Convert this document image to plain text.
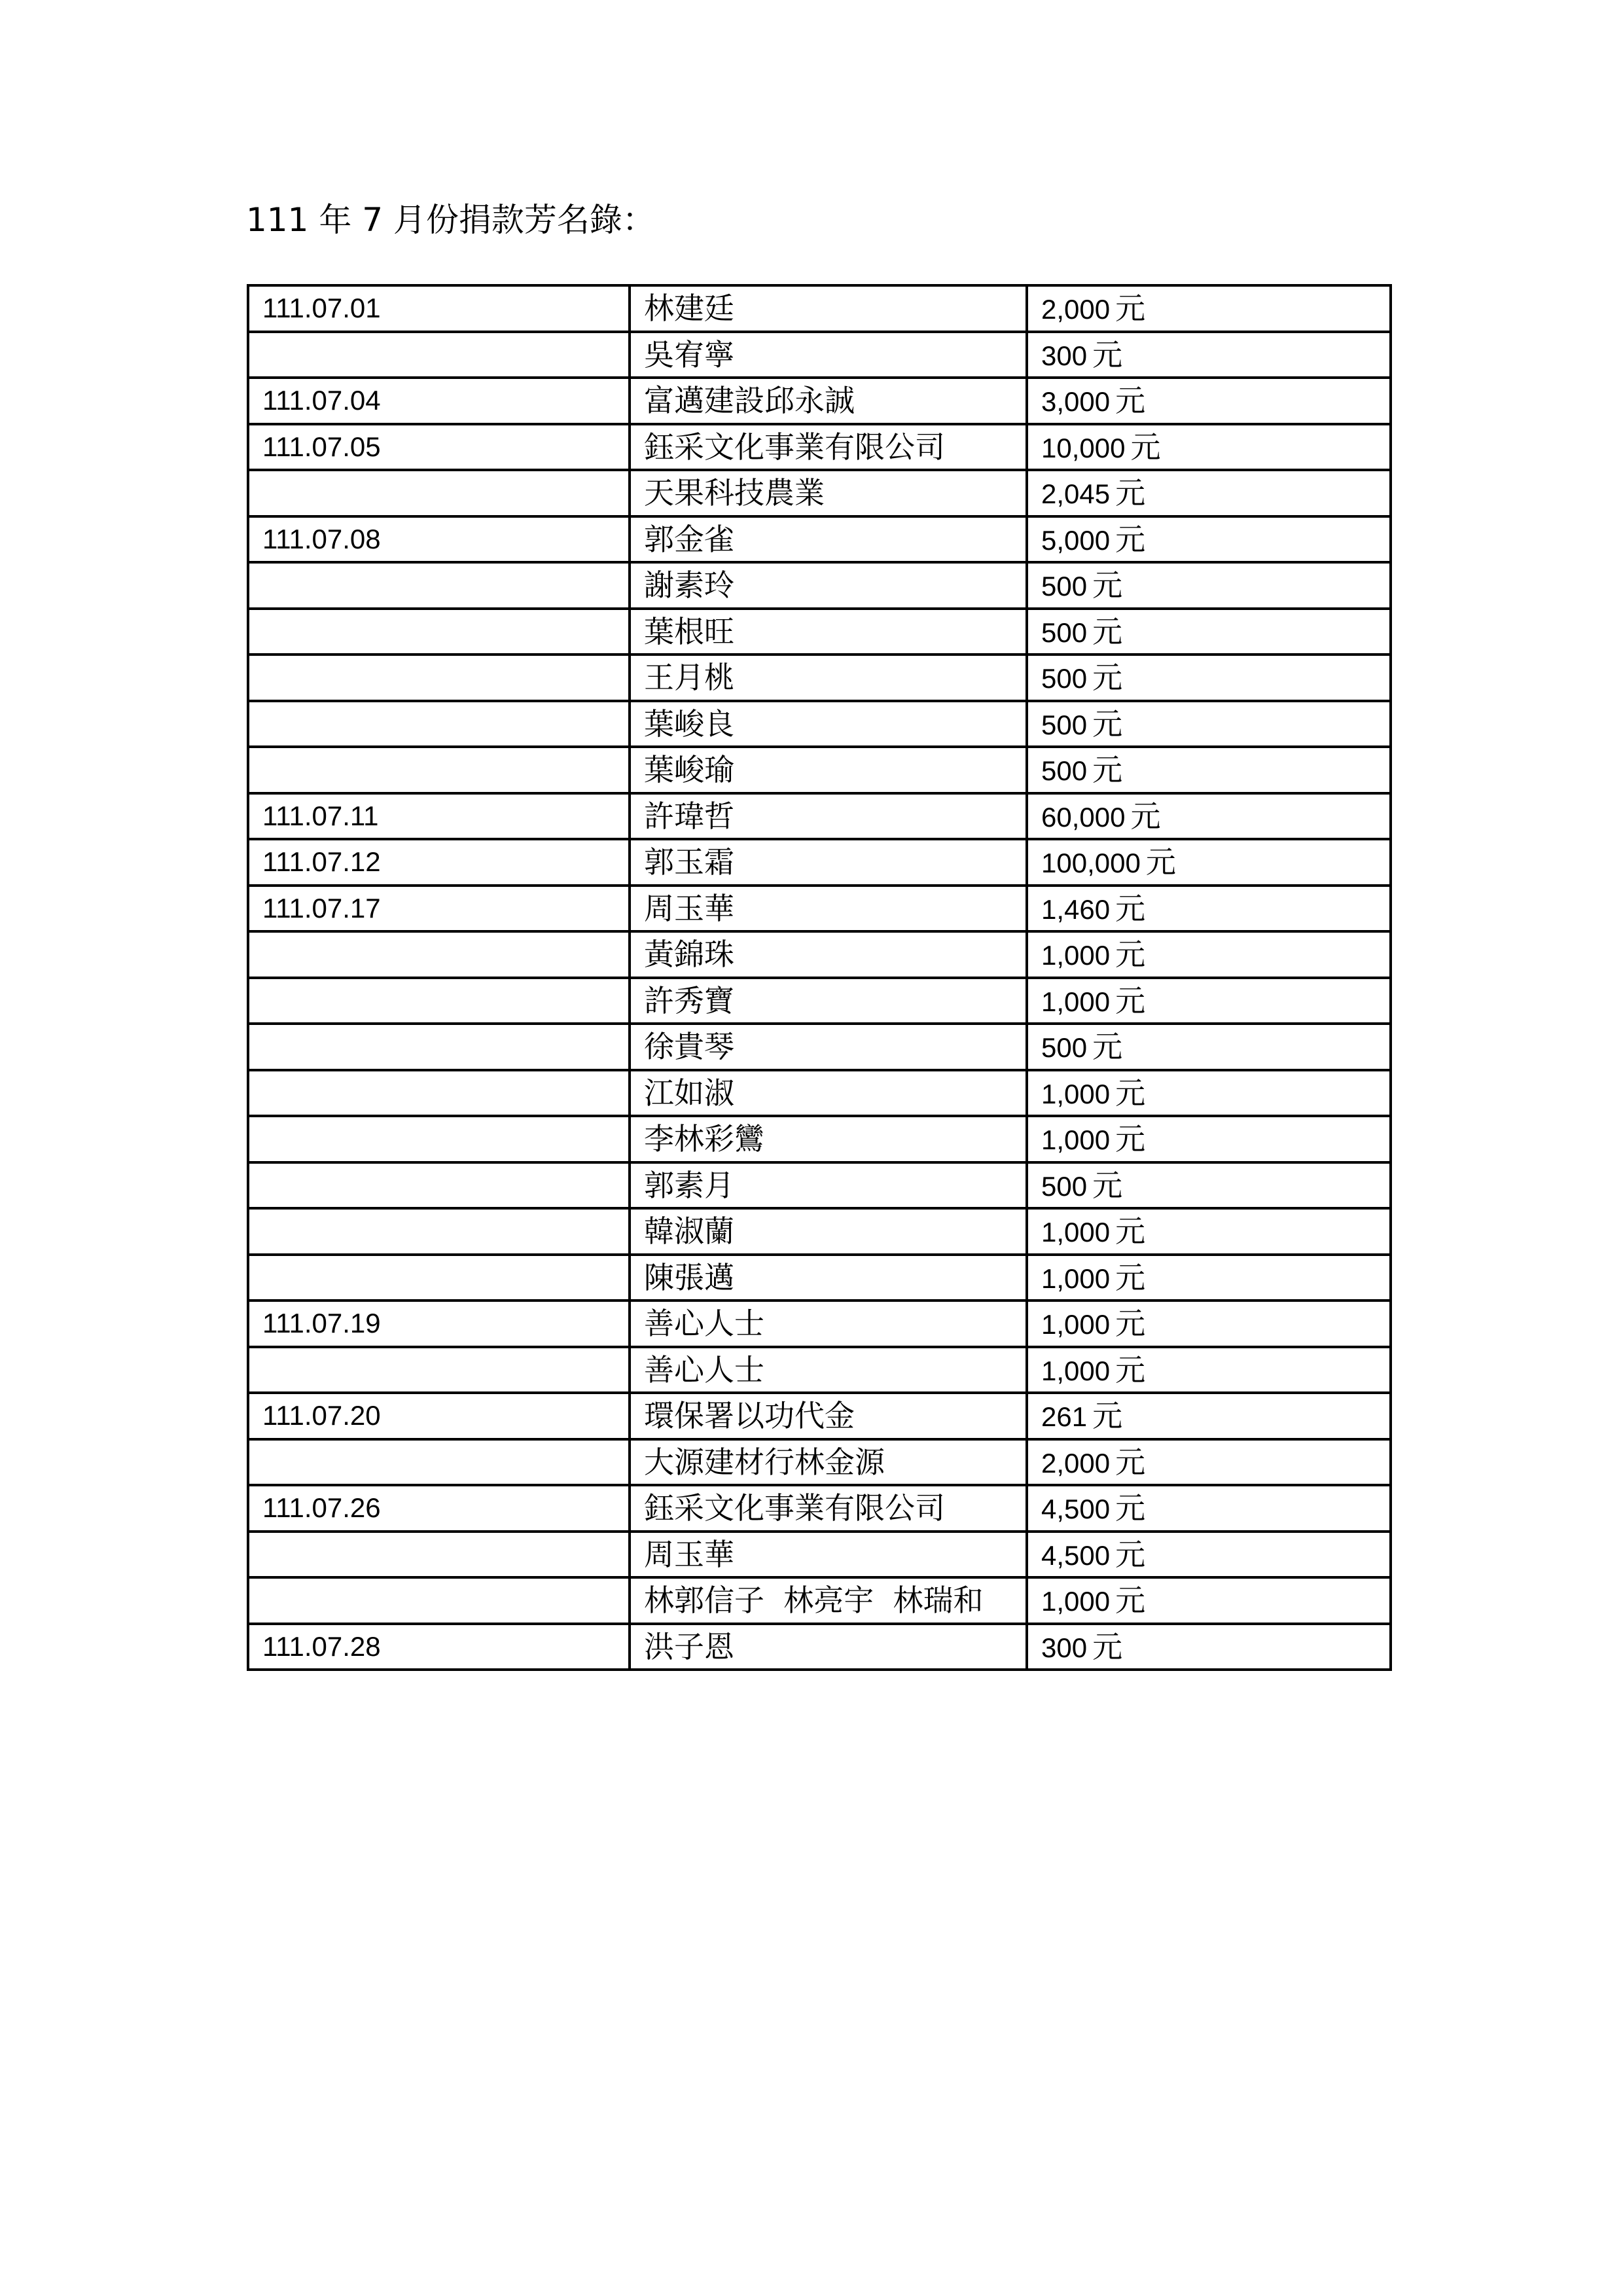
111 年 7 月份捐款芳名錄：
111.07.01	林建廷	2,000 元
	吳宥寧	300 元
111.07.04	富邁建設邱永誠	3,000 元
111.07.05	鈺采文化事業有限公司	10,000 元
	天果科技農業	2,045 元
111.07.08	郭金雀	5,000 元
	謝素玲	500 元
	葉根旺	500 元
	王月桃	500 元
	葉峻良	500 元
	葉峻瑜	500 元
111.07.11	許瑋哲	60,000 元
111.07.12	郭玉霜	100,000 元
111.07.17	周玉華	1,460 元
	黃錦珠	1,000 元
	許秀寶	1,000 元
	徐貴琴	500 元
	江如淑	1,000 元
	李林彩鸞	1,000 元
	郭素月	500 元
	韓淑蘭	1,000 元
	陳張邁	1,000 元
111.07.19	善心人士	1,000 元
	善心人士	1,000 元
111.07.20	環保署以功代金	261 元
	大源建材行林金源	2,000 元
111.07.26	鈺采文化事業有限公司	4,500 元
	周玉華	4,500 元
	林郭信子  林亮宇  林瑞和	1,000 元
111.07.28	洪子恩	300 元
